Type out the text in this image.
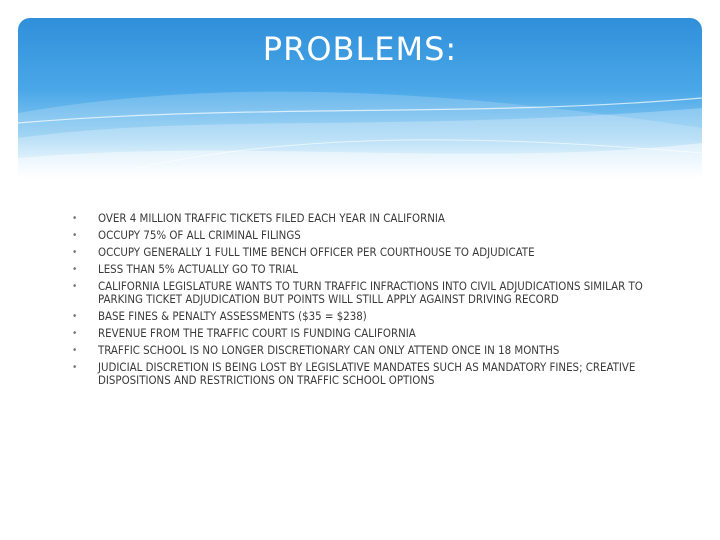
PROBLEMS:
• OVER 4 MILLION TRAFFIC TICKETS FILED EACH YEAR IN CALIFORNIA
• OCCUPY 75% OF ALL CRIMINAL FILINGS
• OCCUPY GENERALLY 1 FULL TIME BENCH OFFICER PER COURTHOUSE TO ADJUDICATE
• LESS THAN 5% ACTUALLY GO TO TRIAL
• CALIFORNIA LEGISLATURE WANTS TO TURN TRAFFIC INFRACTIONS INTO CIVIL ADJUDICATIONS SIMILAR TO PARKING TICKET ADJUDICATION BUT POINTS WILL STILL APPLY AGAINST DRIVING RECORD
• BASE FINES & PENALTY ASSESSMENTS ($35 = $238)
• REVENUE FROM THE TRAFFIC COURT IS FUNDING CALIFORNIA
• TRAFFIC SCHOOL IS NO LONGER DISCRETIONARY CAN ONLY ATTEND ONCE IN 18 MONTHS
• JUDICIAL DISCRETION IS BEING LOST BY LEGISLATIVE MANDATES SUCH AS MANDATORY FINES; CREATIVE DISPOSITIONS AND RESTRICTIONS ON TRAFFIC SCHOOL OPTIONS
